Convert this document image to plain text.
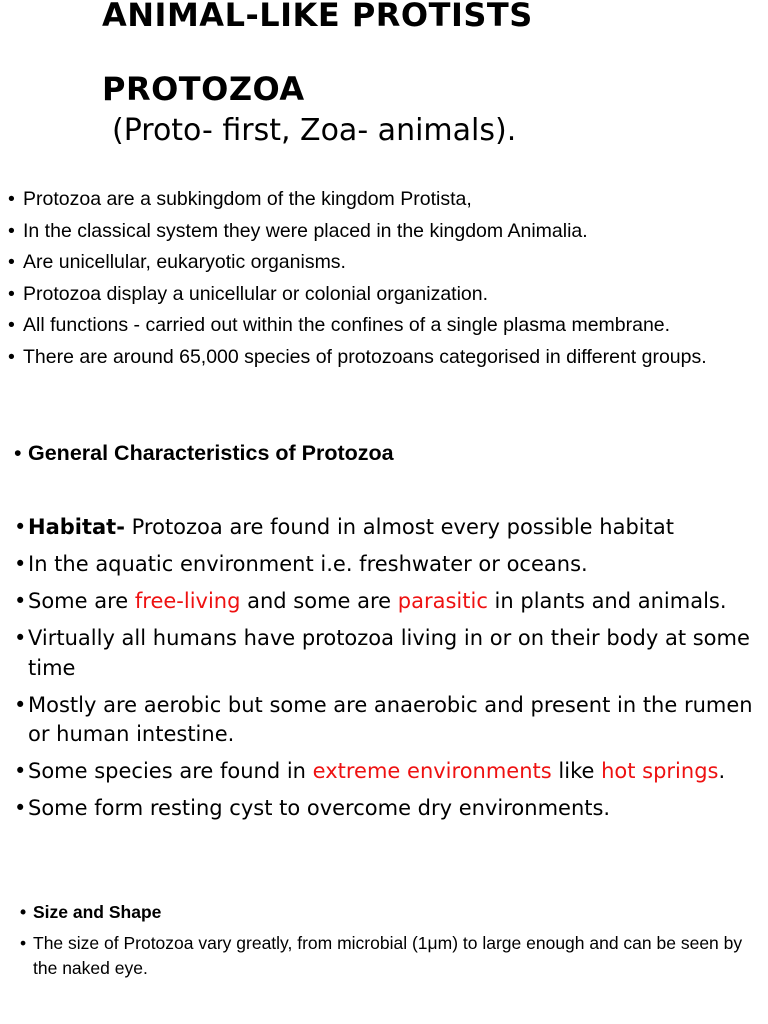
ANIMAL-LIKE PROTISTS
PROTOZOA

(Proto- first, Zoa- animals).

• Protozoa are a subkingdom of the kingdom Protista,
• In the classical system they were placed in the kingdom Animalia.
• Are unicellular, eukaryotic organisms.
• Protozoa display a unicellular or colonial organization.
• All functions - carried out within the confines of a single plasma membrane.
• There are around 65,000 species of protozoans categorised in different groups.

• General Characteristics of Protozoa

• Habitat- Protozoa are found in almost every possible habitat
• In the aquatic environment i.e. freshwater or oceans.
• Some are free-living and some are parasitic in plants and animals.
• Virtually all humans have protozoa living in or on their body at some time
• Mostly are aerobic but some are anaerobic and present in the rumen or human intestine.
• Some species are found in extreme environments like hot springs.
• Some form resting cyst to overcome dry environments.
• Size and Shape
• The size of Protozoa vary greatly, from microbial (1μm) to large enough and can be seen by the naked eye.
